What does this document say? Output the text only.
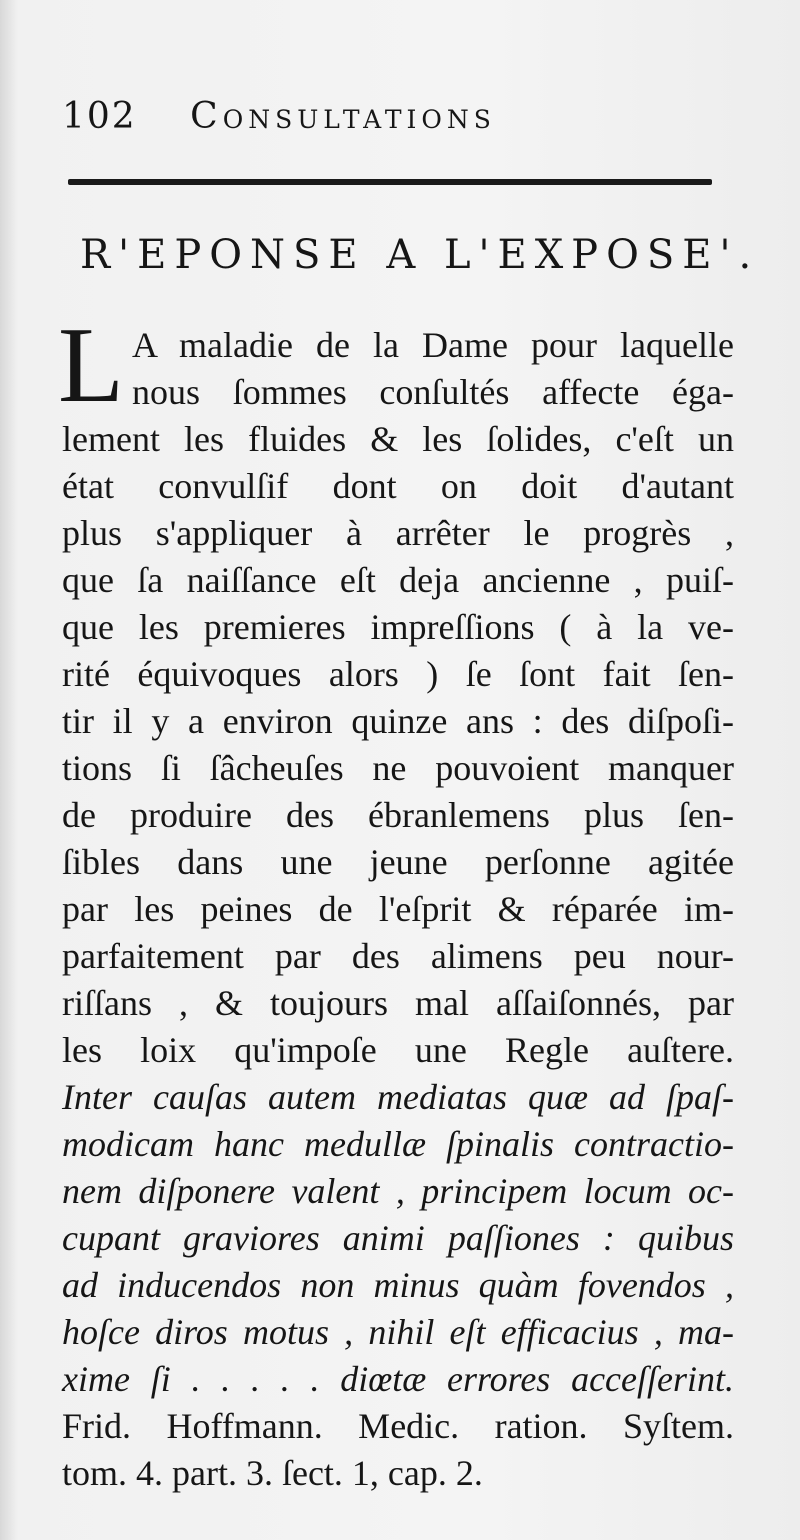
102 Consultations
R'EPONSE A L'EXPOSE'.
L A maladie de la Dame pour laquelle
nous ſommes conſultés affecte éga-
lement les fluides & les ſolides, c'eſt un
état convulſif dont on doit d'autant
plus s'appliquer à arrêter le progrès ,
que ſa naiſſance eſt deja ancienne , puiſ-
que les premieres impreſſions ( à la ve-
rité équivoques alors ) ſe ſont fait ſen-
tir il y a environ quinze ans : des diſpoſi-
tions ſi ſâcheuſes ne pouvoient manquer
de produire des ébranlemens plus ſen-
ſibles dans une jeune perſonne agitée
par les peines de l'eſprit & réparée im-
parfaitement par des alimens peu nour-
riſſans , & toujours mal aſſaiſonnés, par
les loix qu'impoſe une Regle auſtere.
Inter cauſas autem mediatas quæ ad ſpaſ-
modicam hanc medullæ ſpinalis contractio-
nem diſponere valent , principem locum oc-
cupant graviores animi paſſiones : quibus
ad inducendos non minus quàm fovendos ,
hoſce diros motus , nihil eſt efficacius , ma-
xime ſi . . . . . diœtæ errores acceſſerint.
Frid. Hoffmann. Medic. ration. Syſtem.
tom. 4. part. 3. ſect. 1, cap. 2.
